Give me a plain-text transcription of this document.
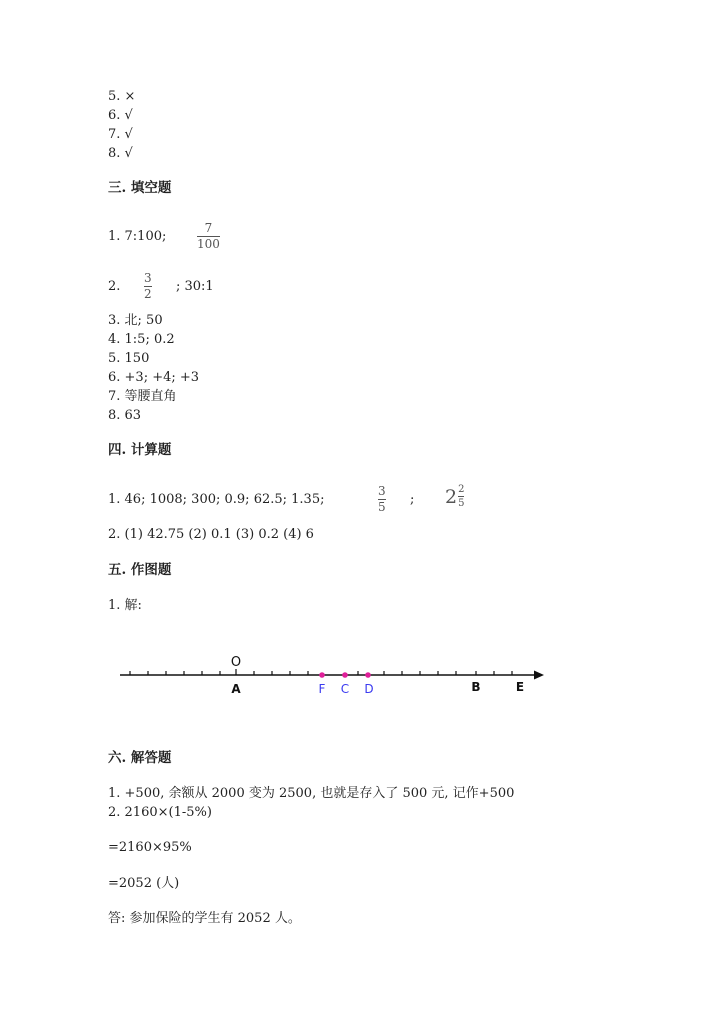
5. ×
6. √
7. √
8. √
三. 填空题
1. 7:100;
7
100
2.
3
2 ; 30:1
3. 北; 50
4. 1:5; 0.2
5. 150
6. +3; +4; +3
7. 等腰直角
8. 63
四. 计算题
1. 46; 1008; 300; 0.9; 62.5; 1.35;
3
5 ; $2 \frac{2}{5}$
2. (1) 42.75 (2) 0.1 (3) 0.2 (4) 6
五. 作图题
1. 解:
O
A	F C D	B	E
六. 解答题
1. +500, 余额从 2000 变为 2500, 也就是存入了 500 元, 记作+500
2. 2160×(1-5%)
=2160×95%
=2052 (人)
答: 参加保险的学生有 2052 人。
